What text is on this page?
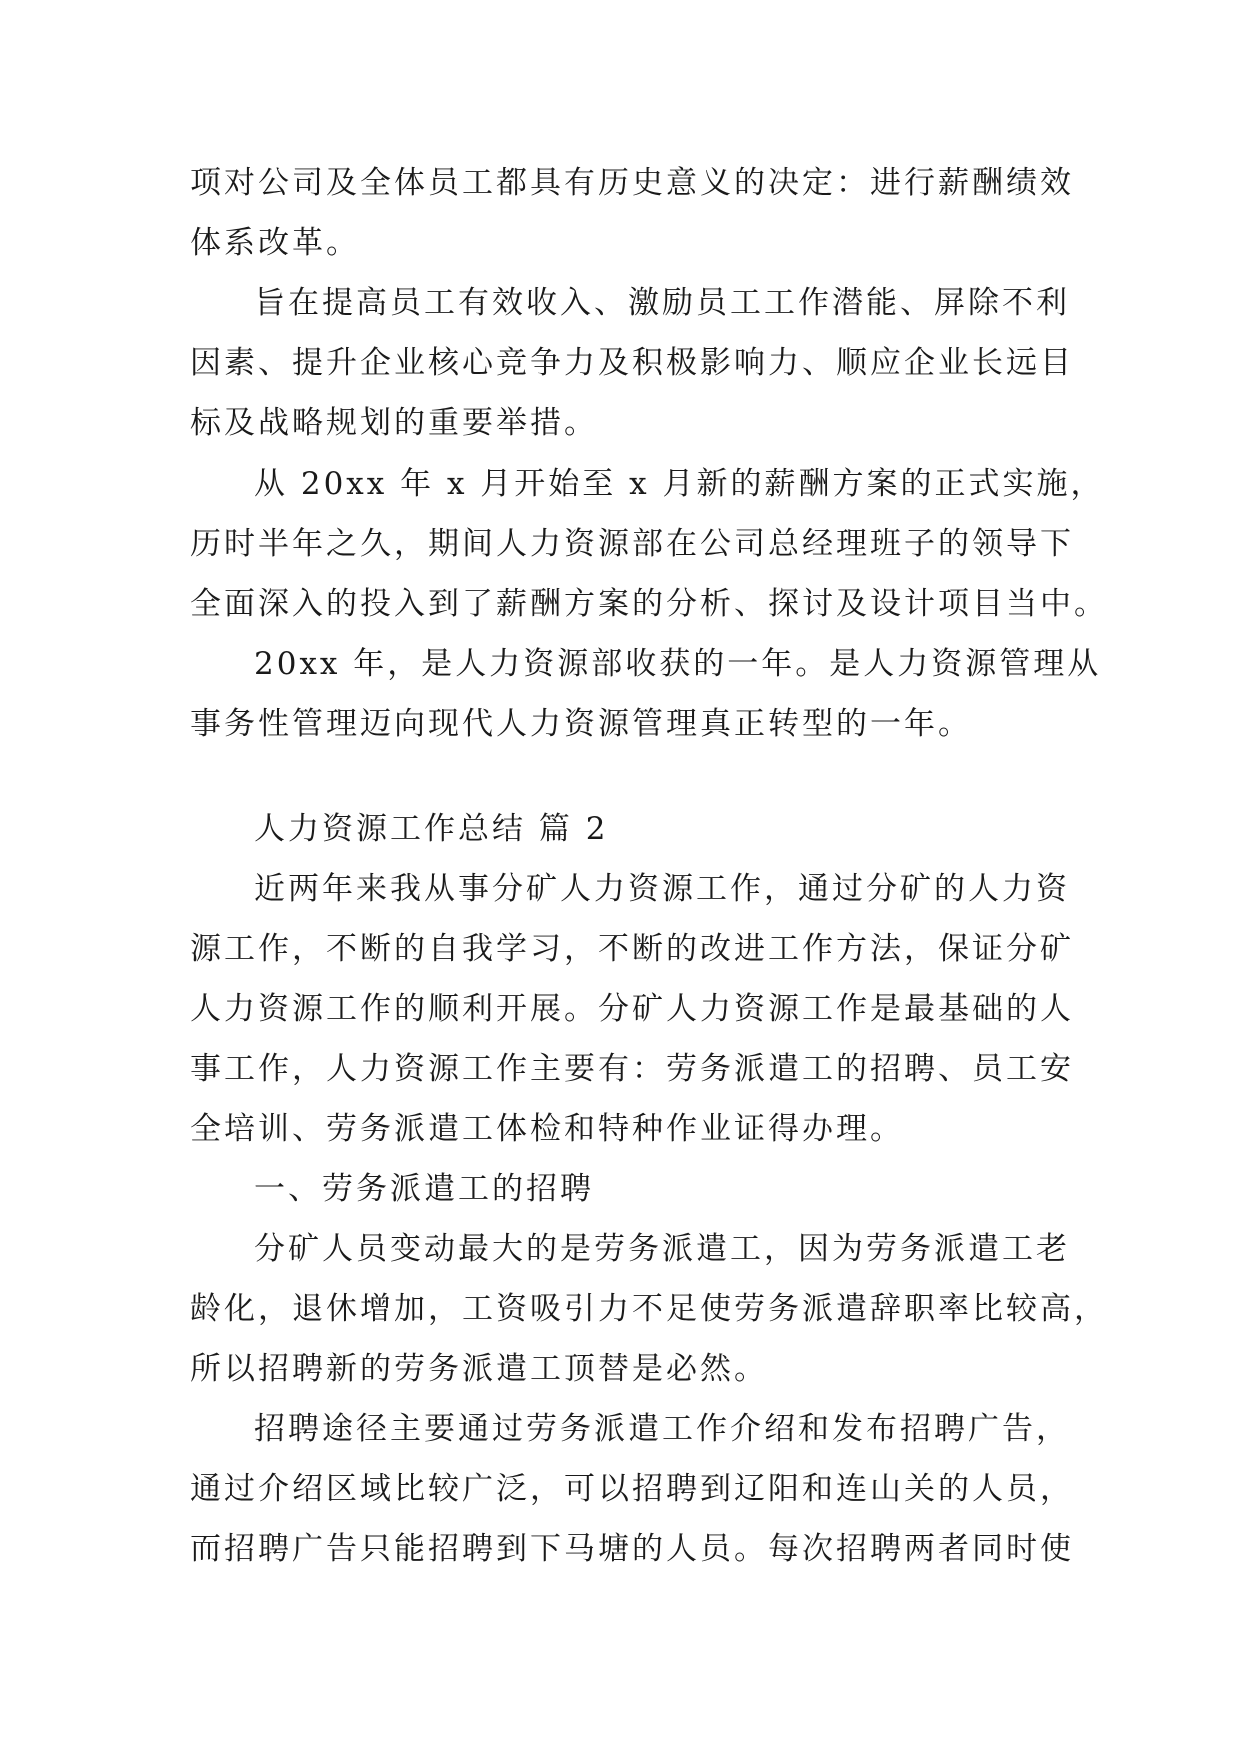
项对公司及全体员工都具有历史意义的决定：进行薪酬绩效
体系改革。
旨在提高员工有效收入、激励员工工作潜能、屏除不利
因素、提升企业核心竞争力及积极影响力、顺应企业长远目
标及战略规划的重要举措。
从 20xx 年 x 月开始至 x 月新的薪酬方案的正式实施，
历时半年之久，期间人力资源部在公司总经理班子的领导下
全面深入的投入到了薪酬方案的分析、探讨及设计项目当中。
20xx 年，是人力资源部收获的一年。是人力资源管理从
事务性管理迈向现代人力资源管理真正转型的一年。
人力资源工作总结 篇 2
近两年来我从事分矿人力资源工作，通过分矿的人力资
源工作，不断的自我学习，不断的改进工作方法，保证分矿
人力资源工作的顺利开展。分矿人力资源工作是最基础的人
事工作，人力资源工作主要有：劳务派遣工的招聘、员工安
全培训、劳务派遣工体检和特种作业证得办理。
一、劳务派遣工的招聘
分矿人员变动最大的是劳务派遣工，因为劳务派遣工老
龄化，退休增加，工资吸引力不足使劳务派遣辞职率比较高，
所以招聘新的劳务派遣工顶替是必然。
招聘途径主要通过劳务派遣工作介绍和发布招聘广告，
通过介绍区域比较广泛，可以招聘到辽阳和连山关的人员，
而招聘广告只能招聘到下马塘的人员。每次招聘两者同时使
